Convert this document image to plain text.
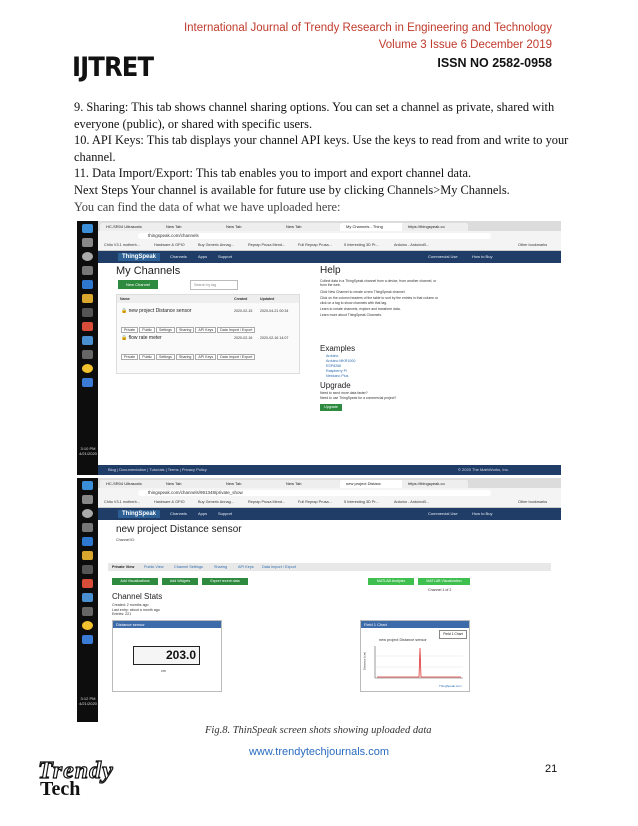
International Journal of Trendy Research in Engineering and Technology
Volume 3 Issue 6 December 2019
ISSN NO 2582-0958
IJTRET

9. Sharing: This tab shows channel sharing options. You can set a channel as private, shared with everyone (public), or shared with specific users.

10. API Keys: This tab displays your channel API keys. Use the keys to read from and write to your channel.

11. Data Import/Export: This tab enables you to import and export channel data.

Next Steps Your channel is available for future use by clicking Channels>My Channels.

You can find the data of what we have uploaded here:

3:10 PM
4/21/2020
HC-SR04 Ultrasonic	New Tab	New Tab	New Tab	My Channels - Thing	https://thingspeak.co
thingspeak.com/channels
Chitu V3.1 motherb...	Hardware & GPIO	Buy Generic Annag...	Reprap Prusa Mend...	Full Reprap Prusa...	5 Interesting 3D Pr...	Arduino - ArduinoB...	Other bookmarks
ThingSpeak	Channels	Apps	Support	Commercial Use	How to Buy
My Channels
New Channel	Search by tag
Name	Created	Updated
🔒 new project Distance sensor	2020-02-15 2020-04-21 00:34
Private Public Settings Sharing API Keys Data Import / Export
🔒 flow rate meter	2020-02-16 2020-02-16 14:07
Private Public Settings Sharing API Keys Data Import / Export
Help
Collect data in a ThingSpeak channel from a device, from another channel, or from the web.
Click New Channel to create a new ThingSpeak channel.
Click on the column headers of the table to sort by the entries in that column or click on a tag to show channels with that tag.
Learn to create channels, explore and transform data.
Learn more about ThingSpeak Channels.
Examples
Arduino
Arduino MKR1000
ESP8266
Raspberry Pi
Netduino Plus
Upgrade
Need to send more data faster?
Need to use ThingSpeak for a commercial project?
Upgrade
Blog | Documentation | Tutorials | Terms | Privacy Policy	© 2020 The MathWorks, Inc.
3:12 PM
4/21/2020
HC-SR04 Ultrasonic	New Tab	New Tab	New Tab	new project Distanc	https://thingspeak.co
thingspeak.com/channels/991348/private_show
Chitu V3.1 motherb...	Hardware & GPIO	Buy Generic Annag...	Reprap Prusa Mend...	Full Reprap Prusa...	5 Interesting 3D Pr...	Arduino - ArduinoB...	Other bookmarks
ThingSpeak	Channels	Apps	Support	Commercial Use	How to Buy
new project Distance sensor
Channel ID:
Private View	Public View	Channel Settings	Sharing	API Keys Data Import / Export
Add Visualizations	Add Widgets	Export recent data	MATLAB Analysis	MATLAB Visualization
Channel 1 of 2
Channel Stats
Created: 2 months ago
Last entry: about a month ago
Entries: 221
Distance sensor
203.0
cm
Field 1 Chart
Field 1 Chart
new project Distance sensor
Distance (cm)
ThingSpeak.com
Fig.8. ThinSpeak screen shots showing uploaded data
www.trendytechjournals.com
21
Trendy
Tech
